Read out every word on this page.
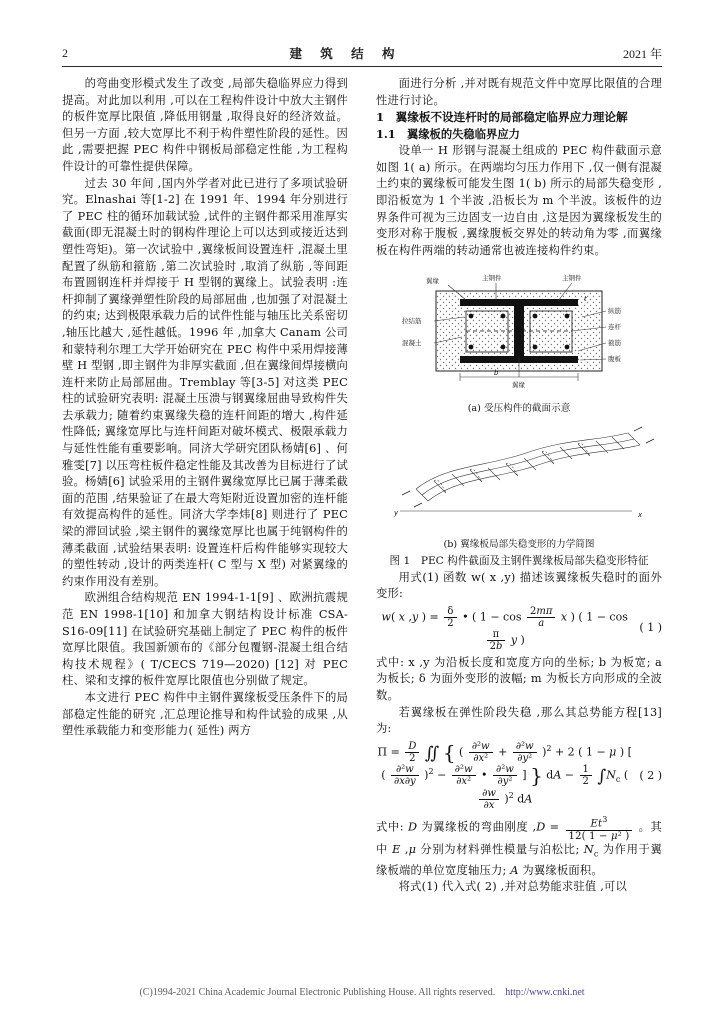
2	建 筑 结 构	2021 年

的弯曲变形模式发生了改变 ,局部失稳临界应力得到提高。对此加以利用 ,可以在工程构件设计中放大主钢件的板件宽厚比限值 ,降低用钢量 ,取得良好的经济效益。但另一方面 ,较大宽厚比不利于构件塑性阶段的延性。因此 ,需要把握 PEC 构件中钢板局部稳定性能 ,为工程构件设计的可靠性提供保障。

过去 30 年间 ,国内外学者对此已进行了多项试验研究。Elnashai 等[1-2] 在 1991 年、1994 年分别进行了 PEC 柱的循环加载试验 ,试件的主钢件都采用准厚实截面(即无混凝土时的钢构件理论上可以达到或接近达到塑性弯矩)。第一次试验中 ,翼缘板间设置连杆 ,混凝土里配置了纵筋和箍筋 ,第二次试验时 ,取消了纵筋 ,等间距布置圆钢连杆并焊接于 H 型钢的翼缘上。试验表明 :连杆抑制了翼缘弹塑性阶段的局部屈曲 ,也加强了对混凝土的约束; 达到极限承载力后的试件性能与轴压比关系密切 ,轴压比越大 ,延性越低。1996 年 ,加拿大 Canam 公司和蒙特利尔理工大学开始研究在 PEC 构件中采用焊接薄壁 H 型钢 ,即主钢件为非厚实截面 ,但在翼缘间焊接横向连杆来防止局部屈曲。Tremblay 等[3-5] 对这类 PEC 柱的试验研究表明: 混凝土压溃与钢翼缘屈曲导致构件失去承载力; 随着约束翼缘失稳的连杆间距的增大 ,构件延性降低; 翼缘宽厚比与连杆间距对破坏模式、极限承载力与延性性能有重要影响。同济大学研究团队杨婧[6] 、何雅雯[7] 以压弯柱板件稳定性能及其改善为目标进行了试验。杨婧[6] 试验采用的主钢件翼缘宽厚比已属于薄柔截面的范围 ,结果验证了在最大弯矩附近设置加密的连杆能有效提高构件的延性。同济大学李炜[8] 则进行了 PEC 梁的滞回试验 ,梁主钢件的翼缘宽厚比也属于纯钢构件的薄柔截面 ,试验结果表明: 设置连杆后构件能够实现较大的塑性转动 ,设计的两类连杆( C 型与 X 型) 对紧翼缘的约束作用没有差别。

欧洲组合结构规范 EN 1994-1-1[9] 、欧洲抗震规范 EN 1998-1[10] 和加拿大钢结构设计标准 CSA-S16-09[11] 在试验研究基础上制定了 PEC 构件的板件宽厚比限值。我国新颁布的《部分包覆钢-混凝土组合结构技术规程》( T/CECS 719—2020) [12] 对 PEC 柱、梁和支撑的板件宽厚比限值也分别做了规定。

本文进行 PEC 构件中主钢件翼缘板受压条件下的局部稳定性能的研究 ,汇总理论推导和构件试验的成果 ,从塑性承载能力和变形能力( 延性) 两方

面进行分析 ,并对既有规范文件中宽厚比限值的合理性进行讨论。

1　翼缘板不设连杆时的局部稳定临界应力理论解
1.1　翼缘板的失稳临界应力

设单一 H 形钢与混凝土组成的 PEC 构件截面示意如图 1( a) 所示。在两端均匀压力作用下 ,仅一侧有混凝土约束的翼缘板可能发生图 1( b) 所示的局部失稳变形 ,即沿板宽为 1 个半波 ,沿板长为 m 个半波。该板件的边界条件可视为三边固支一边自由 ,这是因为翼缘板发生的变形对称于腹板 ,翼缘腹板交界处的转动角为零 ,而翼缘板在构件两端的转动通常也被连接构件约束。

翼缘	主钢件	主钢件
拉结筋
混凝土
纵筋
连杆
箍筋
腹板
翼缘
b
t
(a) 受压构件的截面示意
y	x
(b) 翼缘板局部失稳变形的力学简图
图 1　PEC 构件截面及主钢件翼缘板局部失稳变形特征

用式(1) 函数 w( x ,y) 描述该翼缘板失稳时的面外变形:

w( x ,y ) = $\frac{\delta}{2}$ • ( $1 - \cos \frac{2m\pi}{a}$ x ) ( 1 − cos
$\frac{\pi}{2b}$ y )
( 1 )

式中: x ,y 为沿板长度和宽度方向的坐标; b 为板宽; a 为板长; δ 为面外变形的波幅; m 为板长方向形成的全波数。

若翼缘板在弹性阶段失稳 ,那么其总势能方程[13] 为:

$\Pi = \frac{D}{2}$ ∬ { ( $\frac{\text{∂²w}}{\text{∂x²}} + \frac{\text{∂²w}}{\text{∂y²}} )^2 + 2$ ( 1 − μ ) [ ( $\frac{\text{∂²w}}{\partial x\partial y} )^2 - \frac{\text{∂²w}}{\text{∂x²}}$ • $\frac{\text{∂²w}}{\text{∂y²}}$ ] } dA − $\frac{1}{2} \int N_c$ (
$\frac{\partial w}{\partial x} )^2$ dA
( 2 )

式中: D 为翼缘板的弯曲刚度 $,D = \frac{Et^3}{\text{12( 1 − μ² )}}$ 。其中 E ,μ 分别为材料弹性模量与泊松比; $N_c$ 为作用于翼缘板端的单位宽度轴压力; A 为翼缘板面积。

将式(1) 代入式( 2) ,并对总势能求驻值 ,可以

(C)1994-2021 China Academic Journal Electronic Publishing House. All rights reserved. http://www.cnki.net
